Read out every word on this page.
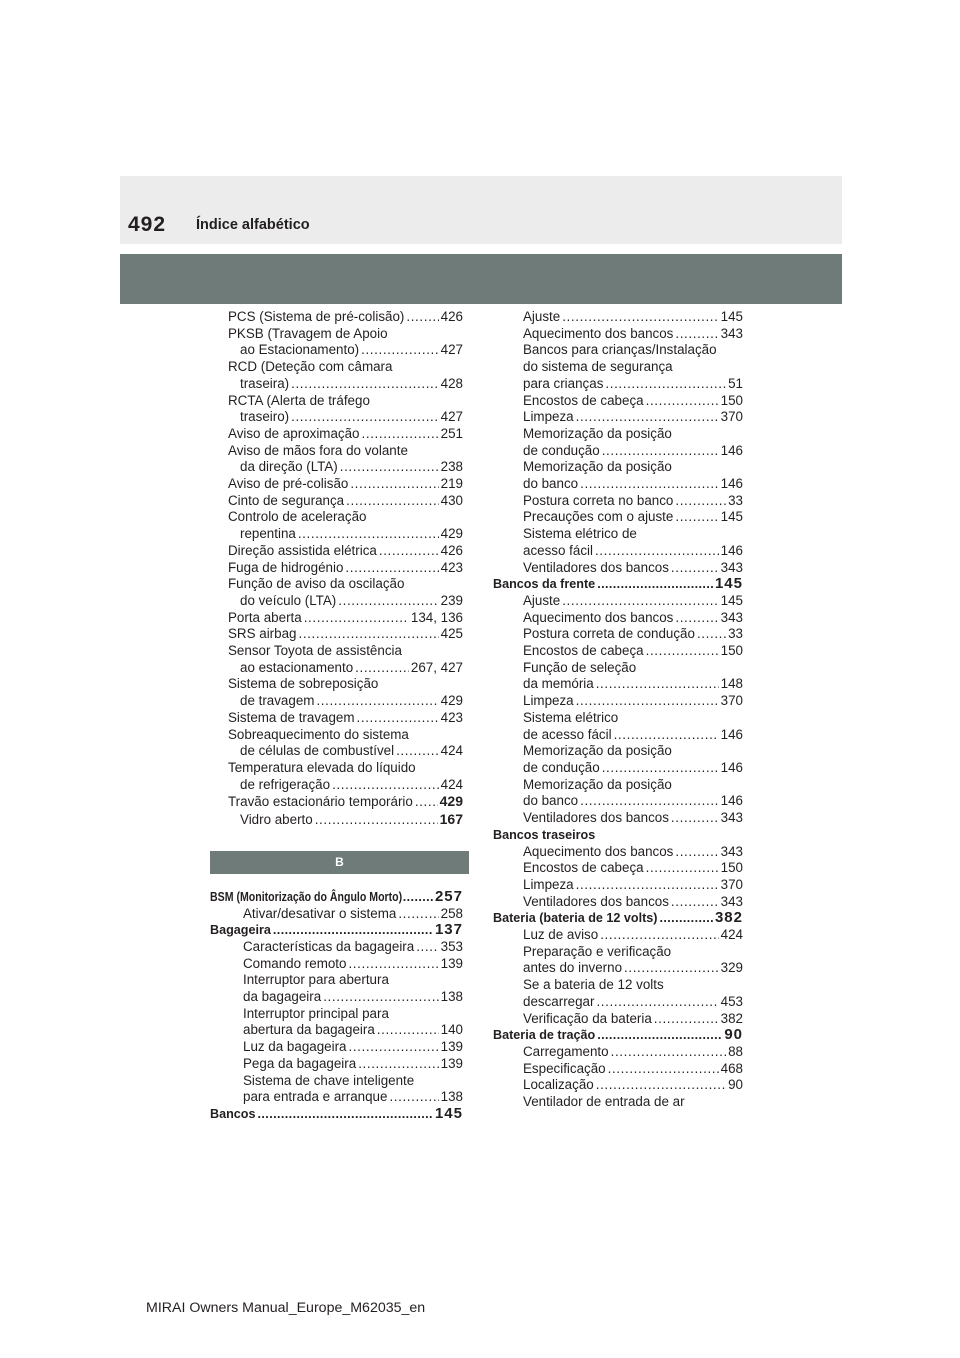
492 Índice alfabético
PCS (Sistema de pré-colisão) . . .	426
PKSB (Travagem de Apoio
ao Estacionamento) . . .	427
RCD (Deteção com câmara
traseira) . . .	428
RCTA (Alerta de tráfego
traseiro) . . .	427
Aviso de aproximação . . .	251
Aviso de mãos fora do volante
da direção (LTA) . . .	238
Aviso de pré-colisão . . .	219
Cinto de segurança . . .	430
Controlo de aceleração
repentina . . .	429
Direção assistida elétrica . . .	426
Fuga de hidrogénio . . .	423
Função de aviso da oscilação
do veículo (LTA) . . .	239
Porta aberta . . .	134, 136
SRS airbag . . .	425
Sensor Toyota de assistência
ao estacionamento . . .	267, 427
Sistema de sobreposição
de travagem . . .	429
Sistema de travagem . . .	423
Sobreaquecimento do sistema
de células de combustível . . .	424
Temperatura elevada do líquido
de refrigeração . . .	424
Travão estacionário temporário . . . 429
Vidro aberto . . .	167
B
BSM (Monitorização do Ângulo Morto) . . . 257
Ativar/desativar o sistema . . .	258
Bagageira . . .	137
Características da bagageira . . . 353
Comando remoto . . .	139
Interruptor para abertura
da bagageira . . .	138
Interruptor principal para
abertura da bagageira . . .	140
Luz da bagageira . . .	139
Pega da bagageira . . .	139
Sistema de chave inteligente
para entrada e arranque . . .	138
Bancos . . .	145
Ajuste . . .	145
Aquecimento dos bancos . . .	343
Bancos para crianças/Instalação
do sistema de segurança
para crianças . . .	51
Encostos de cabeça . . .	150
Limpeza . . .	370
Memorização da posição
de condução . . .	146
Memorização da posição
do banco . . .	146
Postura correta no banco . . .	33
Precauções com o ajuste . . .	145
Sistema elétrico de
acesso fácil . . .	146
Ventiladores dos bancos . . .	343
Bancos da frente . . .	145
Ajuste . . .	145
Aquecimento dos bancos . . .	343
Postura correta de condução . . . 33
Encostos de cabeça . . .	150
Função de seleção
da memória . . .	148
Limpeza . . .	370
Sistema elétrico
de acesso fácil . . .	146
Memorização da posição
de condução . . .	146
Memorização da posição
do banco . . .	146
Ventiladores dos bancos . . .	343
Bancos traseiros
Aquecimento dos bancos . . .	343
Encostos de cabeça . . .	150
Limpeza . . .	370
Ventiladores dos bancos . . .	343
Bateria (bateria de 12 volts) . . .	382
Luz de aviso . . .	424
Preparação e verificação
antes do inverno . . .	329
Se a bateria de 12 volts
descarregar . . .	453
Verificação da bateria . . .	382
Bateria de tração . . .	90
Carregamento . . .	88
Especificação . . .	468
Localização . . .	90
Ventilador de entrada de ar
MIRAI Owners Manual_Europe_M62035_en
